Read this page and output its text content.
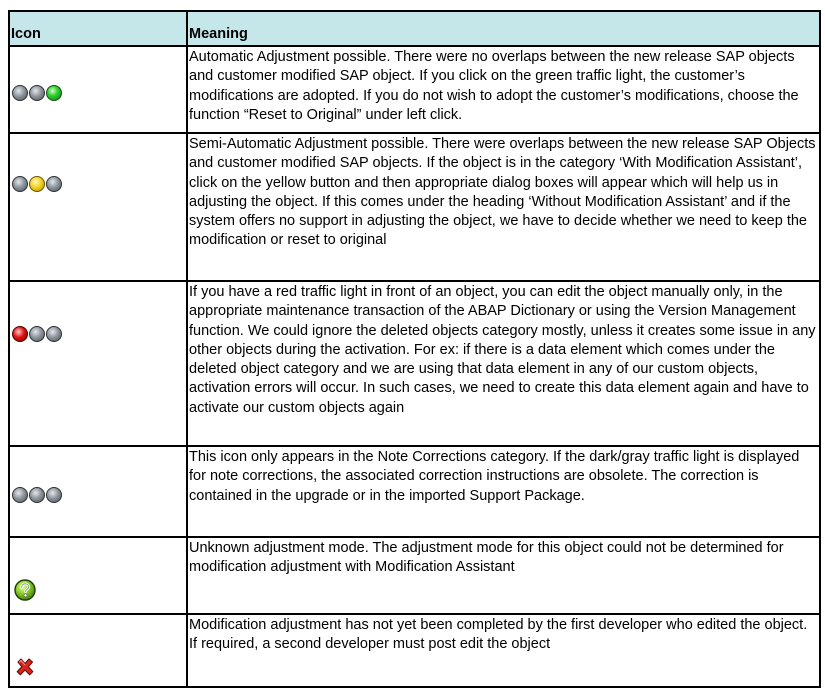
Icon	Meaning

	Automatic Adjustment possible. There were no overlaps between the new release SAP objects and customer modified SAP object. If you click on the green traffic light, the customer’s modifications are adopted. If you do not wish to adopt the customer’s modifications, choose the function “Reset to Original” under left click.

	Semi-Automatic Adjustment possible. There were overlaps between the new release SAP Objects and customer modified SAP objects. If the object is in the category ‘With Modification Assistant’, click on the yellow button and then appropriate dialog boxes will appear which will help us in adjusting the object. If this comes under the heading ‘Without Modification Assistant’ and if the system offers no support in adjusting the object, we have to decide whether we need to keep the modification or reset to original

	If you have a red traffic light in front of an object, you can edit the object manually only, in the appropriate maintenance transaction of the ABAP Dictionary or using the Version Management function. We could ignore the deleted objects category mostly, unless it creates some issue in any other objects during the activation. For ex: if there is a data element which comes under the deleted object category and we are using that data element in any of our custom objects, activation errors will occur. In such cases, we need to create this data element again and have to activate our custom objects again

	This icon only appears in the Note Corrections category. If the dark/gray traffic light is displayed for note corrections, the associated correction instructions are obsolete. The correction is contained in the upgrade or in the imported Support Package.

	Unknown adjustment mode. The adjustment mode for this object could not be determined for modification adjustment with Modification Assistant

	Modification adjustment has not yet been completed by the first developer who edited the object. If required, a second developer must post edit the object
